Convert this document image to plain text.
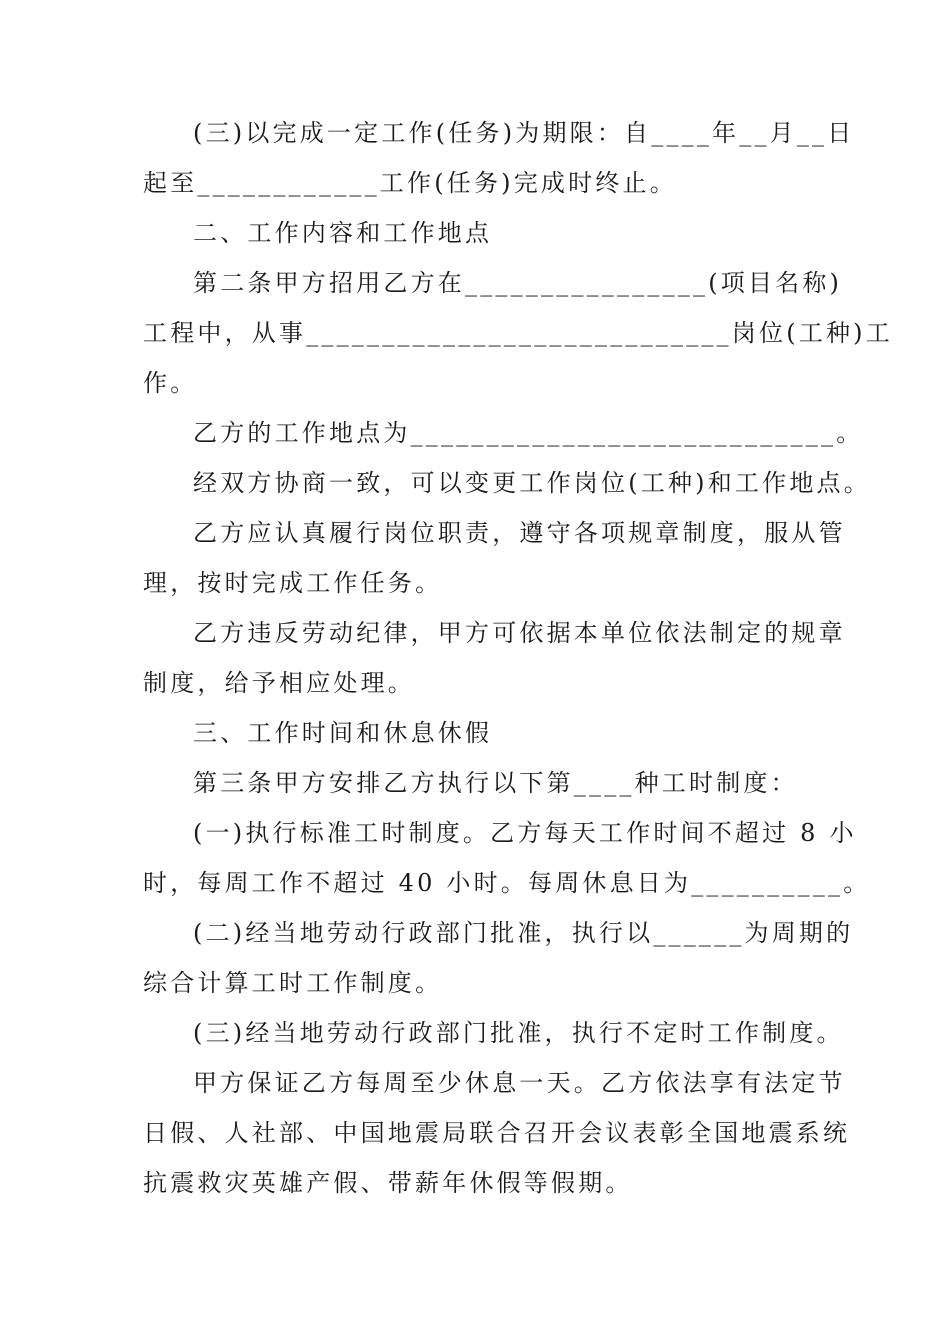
(三)以完成一定工作(任务)为期限：自____年__月__日
起至____________工作(任务)完成时终止。
二、工作内容和工作地点
第二条甲方招用乙方在________________(项目名称)
工程中，从事____________________________岗位(工种)工
作。
乙方的工作地点为____________________________。
经双方协商一致，可以变更工作岗位(工种)和工作地点。
乙方应认真履行岗位职责，遵守各项规章制度，服从管
理，按时完成工作任务。
乙方违反劳动纪律，甲方可依据本单位依法制定的规章
制度，给予相应处理。
三、工作时间和休息休假
第三条甲方安排乙方执行以下第____种工时制度：
(一)执行标准工时制度。乙方每天工作时间不超过 8 小
时，每周工作不超过 40 小时。每周休息日为__________。
(二)经当地劳动行政部门批准，执行以______为周期的
综合计算工时工作制度。
(三)经当地劳动行政部门批准，执行不定时工作制度。
甲方保证乙方每周至少休息一天。乙方依法享有法定节
日假、人社部、中国地震局联合召开会议表彰全国地震系统
抗震救灾英雄产假、带薪年休假等假期。
